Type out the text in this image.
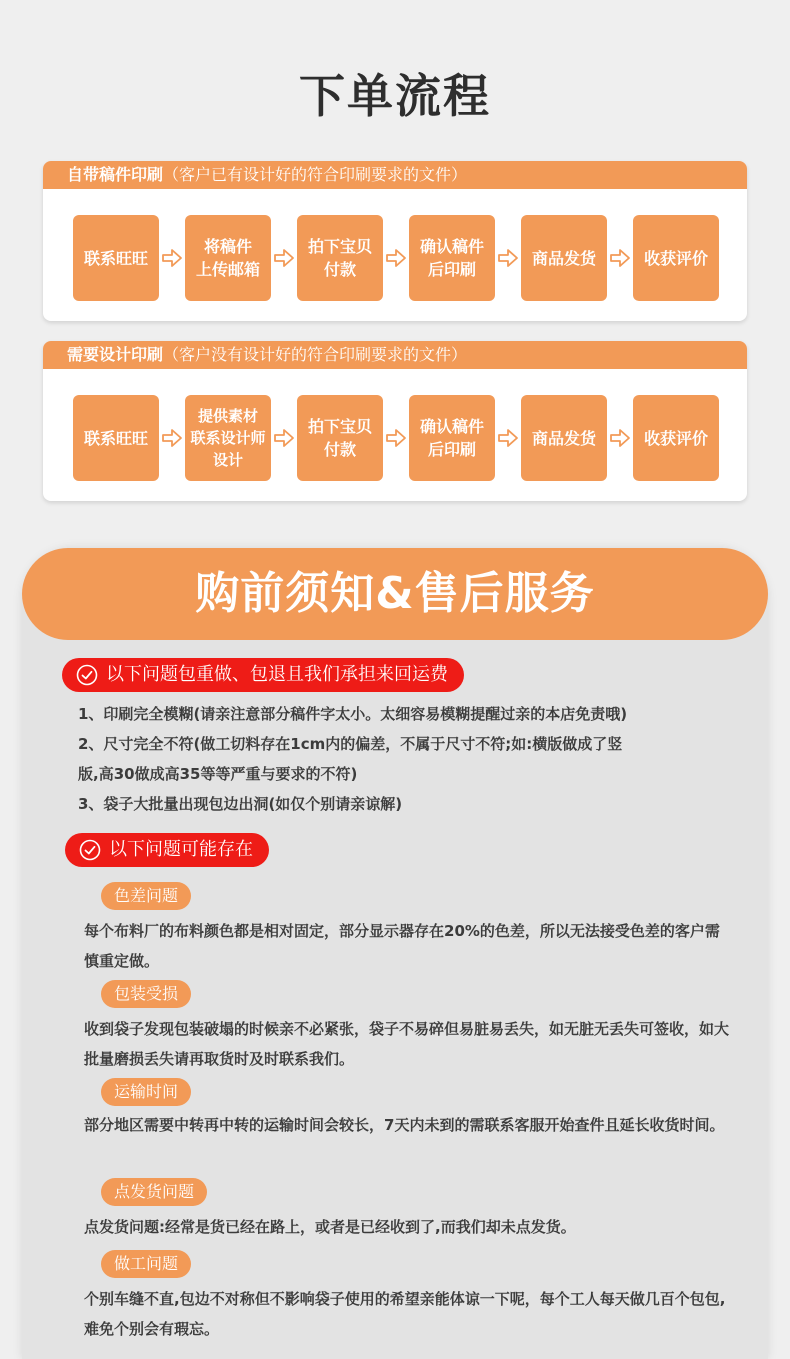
下单流程
自带稿件印刷（客户已有设计好的符合印刷要求的文件）
联系旺旺
将稿件
上传邮箱
拍下宝贝
付款
确认稿件
后印刷
商品发货	收获评价
需要设计印刷（客户没有设计好的符合印刷要求的文件）
联系旺旺
提供素材
联系设计师
设计
拍下宝贝
付款
确认稿件
后印刷
商品发货	收获评价
购前须知&售后服务
以下问题包重做、包退且我们承担来回运费
1、印刷完全模糊(请亲注意部分稿件字太小。太细容易模糊提醒过亲的本店免责哦)
2、尺寸完全不符(做工切料存在1cm内的偏差，不属于尺寸不符;如:横版做成了竖
版,高30做成高35等等严重与要求的不符)
3、袋子大批量出现包边出洞(如仅个别请亲谅解)
以下问题可能存在
色差问题
每个布料厂的布料颜色都是相对固定，部分显示器存在20%的色差，所以无法接受色差的客户需慎重定做。
包装受损
收到袋子发现包装破塌的时候亲不必紧张，袋子不易碎但易脏易丢失，如无脏无丢失可签收，如大批量磨损丢失请再取货时及时联系我们。
运输时间
部分地区需要中转再中转的运输时间会较长，7天内未到的需联系客服开始查件且延长收货时间。
点发货问题
点发货问题:经常是货已经在路上，或者是已经收到了,而我们却未点发货。
做工问题
个别车缝不直,包边不对称但不影响袋子使用的希望亲能体谅一下呢，每个工人每天做几百个包包,难免个别会有瑕忘。
